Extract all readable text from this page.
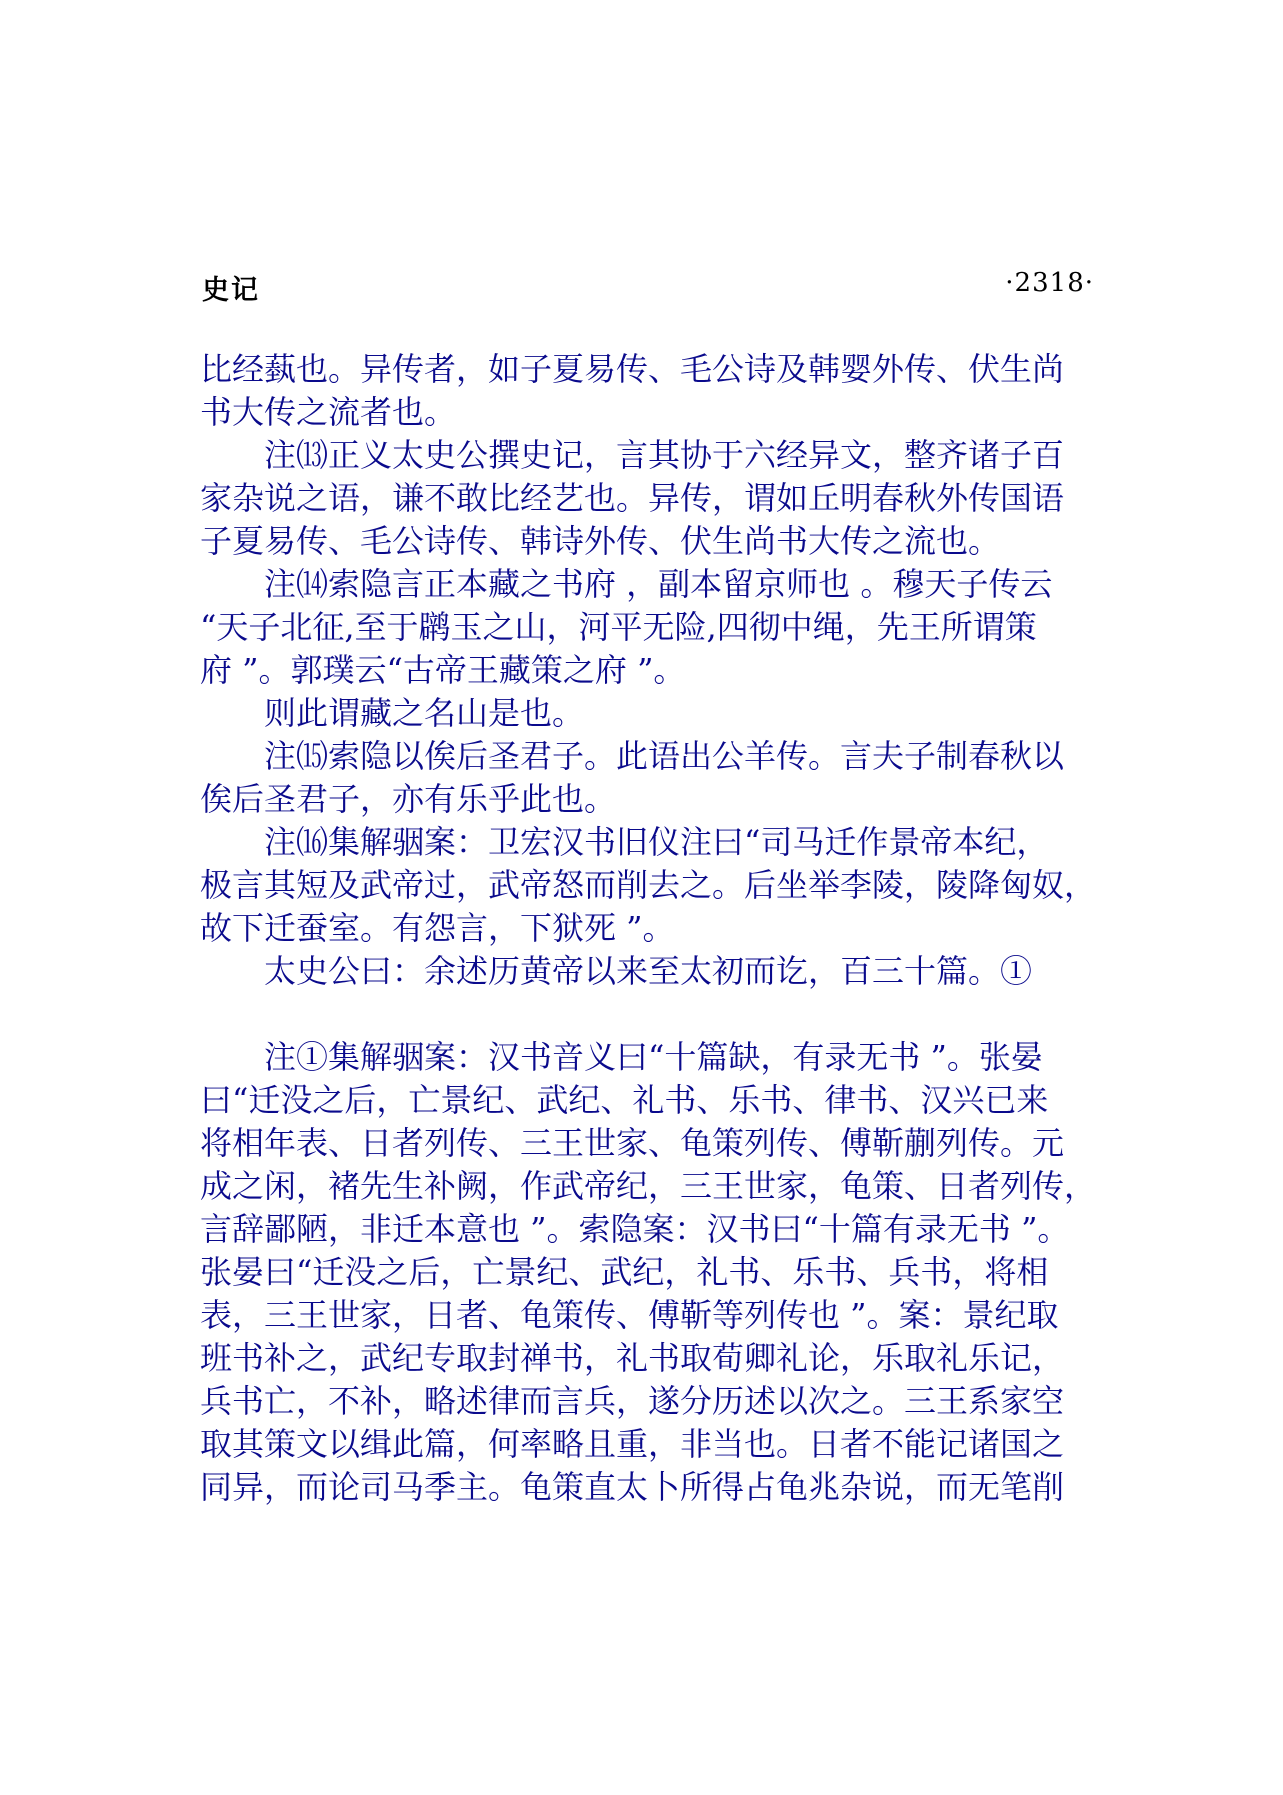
史记	·2318·
比经蓺也。异传者，如子夏易传、毛公诗及韩婴外传、伏生尚
书大传之流者也。
注⒀正义太史公撰史记，言其协于六经异文，整齐诸子百
家杂说之语，谦不敢比经艺也。异传，谓如丘明春秋外传国语
子夏易传、毛公诗传、韩诗外传、伏生尚书大传之流也。
注⒁索隐言正本藏之书府 ，副本留京师也 。穆天子传云
“天子北征,至于䴙玉之山，河平无险,四彻中绳，先王所谓策
府 ”。郭璞云“古帝王藏策之府 ”。
则此谓藏之名山是也。
注⒂索隐以俟后圣君子。此语出公羊传。言夫子制春秋以
俟后圣君子，亦有乐乎此也。
注⒃集解骃案：卫宏汉书旧仪注曰“司马迁作景帝本纪，
极言其短及武帝过，武帝怒而削去之。后坐举李陵，陵降匈奴，
故下迁蚕室。有怨言，下狱死 ”。
太史公曰：余述历黄帝以来至太初而讫，百三十篇。①
注①集解骃案：汉书音义曰“十篇缺，有录无书 ”。张晏
曰“迁没之后，亡景纪、武纪、礼书、乐书、律书、汉兴已来
将相年表、日者列传、三王世家、龟策列传、傅靳蒯列传。元
成之闲，褚先生补阙，作武帝纪，三王世家，龟策、日者列传，
言辞鄙陋，非迁本意也 ”。索隐案：汉书曰“十篇有录无书 ”。
张晏曰“迁没之后，亡景纪、武纪，礼书、乐书、兵书，将相
表，三王世家，日者、龟策传、傅靳等列传也 ”。案：景纪取
班书补之，武纪专取封禅书，礼书取荀卿礼论，乐取礼乐记，
兵书亡，不补，略述律而言兵，遂分历述以次之。三王系家空
取其策文以缉此篇，何率略且重，非当也。日者不能记诸国之
同异，而论司马季主。龟策直太卜所得占龟兆杂说，而无笔削
